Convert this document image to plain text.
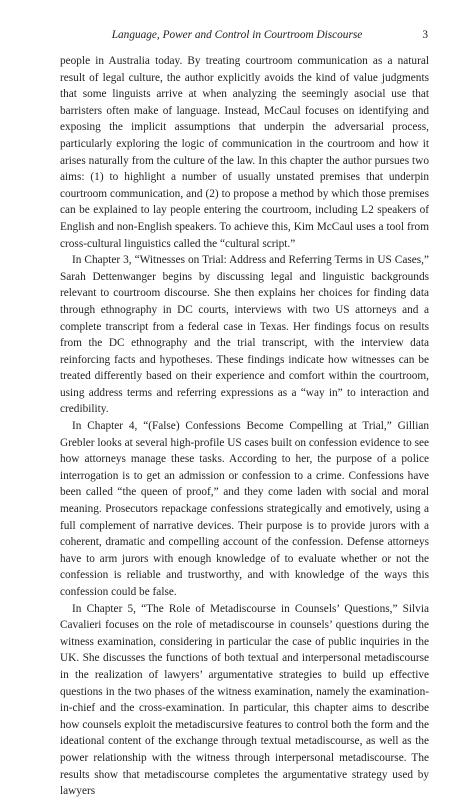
Language, Power and Control in Courtroom Discourse	3

people in Australia today. By treating courtroom communication as a natural result of legal culture, the author explicitly avoids the kind of value judgments that some linguists arrive at when analyzing the seemingly asocial use that barristers often make of language. Instead, McCaul focuses on identifying and exposing the implicit assumptions that underpin the adversarial process, particularly exploring the logic of communication in the courtroom and how it arises naturally from the culture of the law. In this chapter the author pursues two aims: (1) to highlight a number of usually unstated premises that underpin courtroom communication, and (2) to propose a method by which those premises can be explained to lay people entering the courtroom, including L2 speakers of English and non-English speakers. To achieve this, Kim McCaul uses a tool from cross-cultural linguistics called the “cultural script.”

In Chapter 3, “Witnesses on Trial: Address and Referring Terms in US Cases,” Sarah Dettenwanger begins by discussing legal and linguistic backgrounds relevant to courtroom discourse. She then explains her choices for finding data through ethnography in DC courts, interviews with two US attorneys and a complete transcript from a federal case in Texas. Her findings focus on results from the DC ethnography and the trial transcript, with the interview data reinforcing facts and hypotheses. These findings indicate how witnesses can be treated differently based on their experience and comfort within the courtroom, using address terms and referring expressions as a “way in” to interaction and credibility.

In Chapter 4, “(False) Confessions Become Compelling at Trial,” Gillian Grebler looks at several high-profile US cases built on confession evidence to see how attorneys manage these tasks. According to her, the purpose of a police interrogation is to get an admission or confession to a crime. Confessions have been called “the queen of proof,” and they come laden with social and moral meaning. Prosecutors repackage confessions strategically and emotively, using a full complement of narrative devices. Their purpose is to provide jurors with a coherent, dramatic and compelling account of the confession. Defense attorneys have to arm jurors with enough knowledge of to evaluate whether or not the confession is reliable and trustworthy, and with knowledge of the ways this confession could be false.

In Chapter 5, “The Role of Metadiscourse in Counsels’ Questions,” Silvia Cavalieri focuses on the role of metadiscourse in counsels’ questions during the witness examination, considering in particular the case of public inquiries in the UK. She discusses the functions of both textual and interpersonal metadiscourse in the realization of lawyers’ argumentative strategies to build up effective questions in the two phases of the witness examination, namely the examination-in-chief and the cross-examination. In particular, this chapter aims to describe how counsels exploit the metadiscursive features to control both the form and the ideational content of the exchange through textual metadiscourse, as well as the power relationship with the witness through interpersonal metadiscourse. The results show that metadiscourse completes the argumentative strategy used by lawyers
